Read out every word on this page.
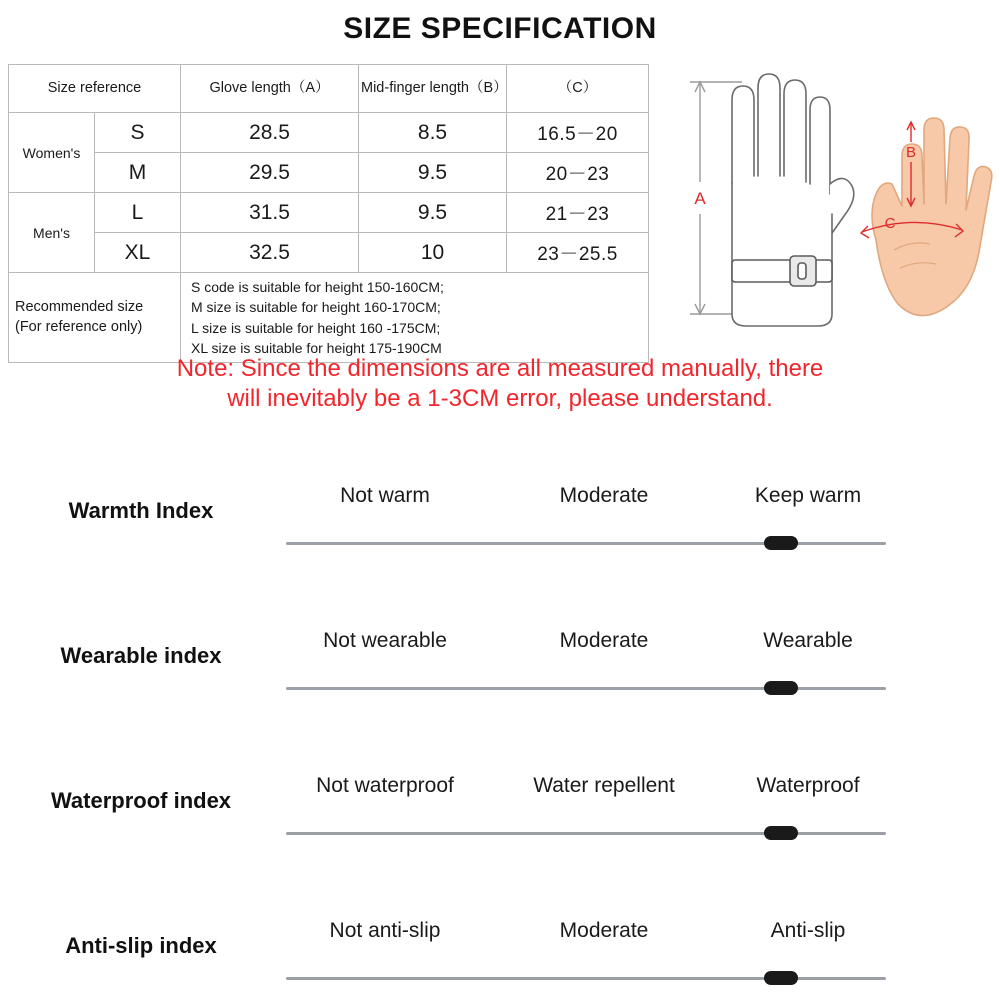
SIZE SPECIFICATION
Size reference		Glove length（A）	Mid-finger length（B）	（C）
Women's	S	28.5	8.5	16.5－20
	M	29.5	9.5	20－23
Men's	L	31.5	9.5	21－23
	XL	32.5	10	23－25.5

Recommended size
(For reference only)

S code is suitable for height 150-160CM;
M size is suitable for height 160-170CM;
L size is suitable for height 160 -175CM;
XL size is suitable for height 175-190CM
A
B
C
Note: Since the dimensions are all measured manually, there
will inevitably be a 1-3CM error, please understand.
Warmth Index
Not warm	Moderate	Keep warm
Wearable index
Not wearable	Moderate	Wearable
Waterproof index
Not waterproof	Water repellent	Waterproof
Anti-slip index
Not anti-slip	Moderate	Anti-slip
